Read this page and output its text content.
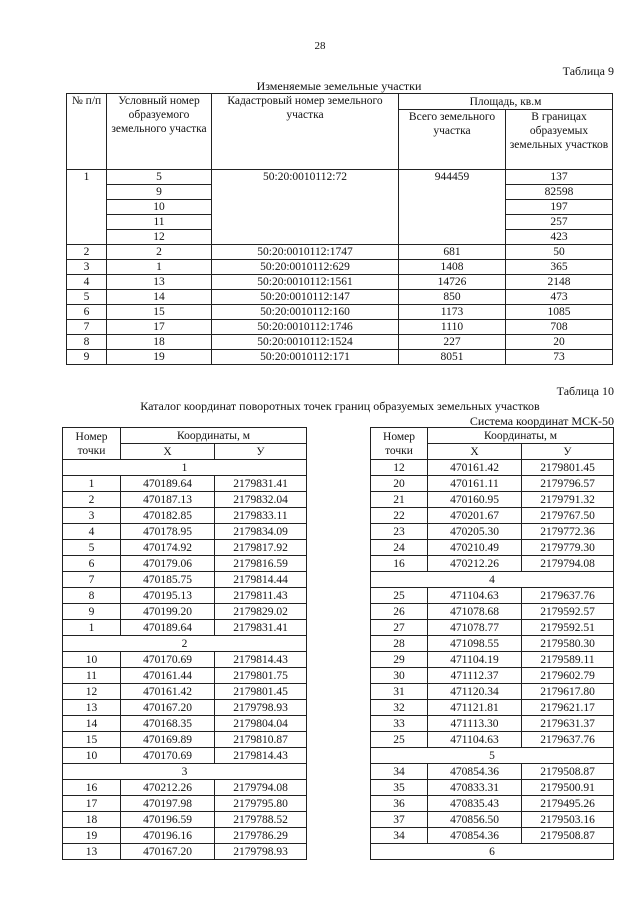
28
Таблица 9
Изменяемые земельные участки
№ п/п	Условный номер образуемого земельного участка	Кадастровый номер земельного участка	Площадь, кв.м	
			Всего земельного участка	В границах образуемых земельных участков
1	5	50:20:0010112:72	944459	137
	9			82598
	10			197
	11			257
	12			423
2	2	50:20:0010112:1747	681	50
3	1	50:20:0010112:629	1408	365
4	13	50:20:0010112:1561	14726	2148
5	14	50:20:0010112:147	850	473
6	15	50:20:0010112:160	1173	1085
7	17	50:20:0010112:1746	1110	708
8	18	50:20:0010112:1524	227	20
9	19	50:20:0010112:171	8051	73
Таблица 10
Каталог координат поворотных точек границ образуемых земельных участков
Система координат МСК-50
Номер точки	Координаты, м	
	X	У
1		
1	470189.64	2179831.41
2	470187.13	2179832.04
3	470182.85	2179833.11
4	470178.95	2179834.09
5	470174.92	2179817.92
6	470179.06	2179816.59
7	470185.75	2179814.44
8	470195.13	2179811.43
9	470199.20	2179829.02
1	470189.64	2179831.41
2		
10	470170.69	2179814.43
11	470161.44	2179801.75
12	470161.42	2179801.45
13	470167.20	2179798.93
14	470168.35	2179804.04
15	470169.89	2179810.87
10	470170.69	2179814.43
3		
16	470212.26	2179794.08
17	470197.98	2179795.80
18	470196.59	2179788.52
19	470196.16	2179786.29
13	470167.20	2179798.93
Номер точки	Координаты, м	
	X	У
12	470161.42	2179801.45
20	470161.11	2179796.57
21	470160.95	2179791.32
22	470201.67	2179767.50
23	470205.30	2179772.36
24	470210.49	2179779.30
16	470212.26	2179794.08
4		
25	471104.63	2179637.76
26	471078.68	2179592.57
27	471078.77	2179592.51
28	471098.55	2179580.30
29	471104.19	2179589.11
30	471112.37	2179602.79
31	471120.34	2179617.80
32	471121.81	2179621.17
33	471113.30	2179631.37
25	471104.63	2179637.76
5		
34	470854.36	2179508.87
35	470833.31	2179500.91
36	470835.43	2179495.26
37	470856.50	2179503.16
34	470854.36	2179508.87
6		
